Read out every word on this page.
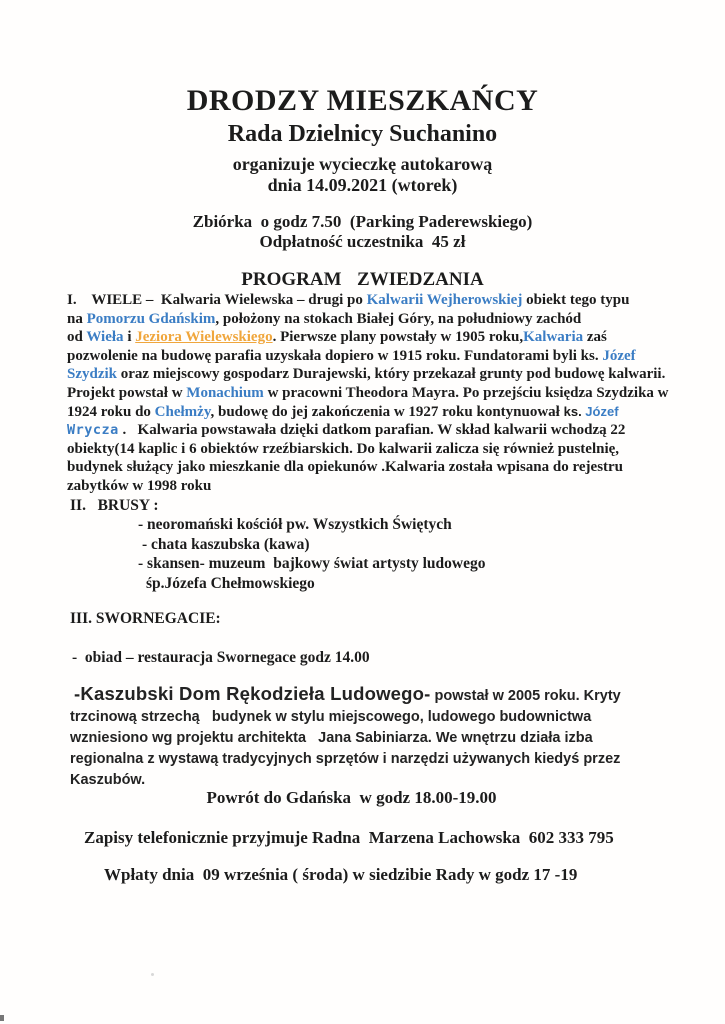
DRODZY MIESZKAŃCY
Rada Dzielnicy Suchanino
organizuje wycieczkę autokarową
dnia 14.09.2021 (wtorek)
Zbiórka  o godz 7.50  (Parking Paderewskiego)
Odpłatność uczestnika  45 zł
PROGRAM  ZWIEDZANIA
I.    WIELE –  Kalwaria Wielewska – drugi po Kalwarii Wejherowskiej obiekt tego typu
na Pomorzu Gdańskim, położony na stokach Białej Góry, na południowy zachód
od Wieła i Jeziora Wielewskiego. Pierwsze plany powstały w 1905 roku,Kalwaria zaś
pozwolenie na budowę parafia uzyskała dopiero w 1915 roku. Fundatorami byli ks. Józef
Szydzik oraz miejscowy gospodarz Durajewski, który przekazał grunty pod budowę kalwarii.
Projekt powstał w Monachium w pracowni Theodora Mayra. Po przejściu księdza Szydzika w
1924 roku do Chełmży, budowę do jej zakończenia w 1927 roku kontynuował ks. Józef
Wrycza .   Kalwaria powstawała dzięki datkom parafian. W skład kalwarii wchodzą 22
obiekty(14 kaplic i 6 obiektów rzeźbiarskich. Do kalwarii zalicza się również pustelnię,
budynek służący jako mieszkanie dla opiekunów .Kalwaria została wpisana do rejestru
zabytków w 1998 roku
II.   BRUSY :
- neoromański kościół pw. Wszystkich Świętych
- chata kaszubska (kawa)
- skansen- muzeum  bajkowy świat artysty ludowego
śp.Józefa Chełmowskiego
III. SWORNEGACIE:
-  obiad – restauracja Swornegace godz 14.00
-Kaszubski Dom Rękodzieła Ludowego- powstał w 2005 roku. Kryty
trzcinową strzechą   budynek w stylu miejscowego, ludowego budownictwa
wzniesiono wg projektu architekta   Jana Sabiniarza. We wnętrzu działa izba
regionalna z wystawą tradycyjnych sprzętów i narzędzi używanych kiedyś przez
Kaszubów.
Powrót do Gdańska  w godz 18.00-19.00
Zapisy telefonicznie przyjmuje Radna  Marzena Lachowska  602 333 795
Wpłaty dnia  09 września ( środa) w siedzibie Rady w godz 17 -19
